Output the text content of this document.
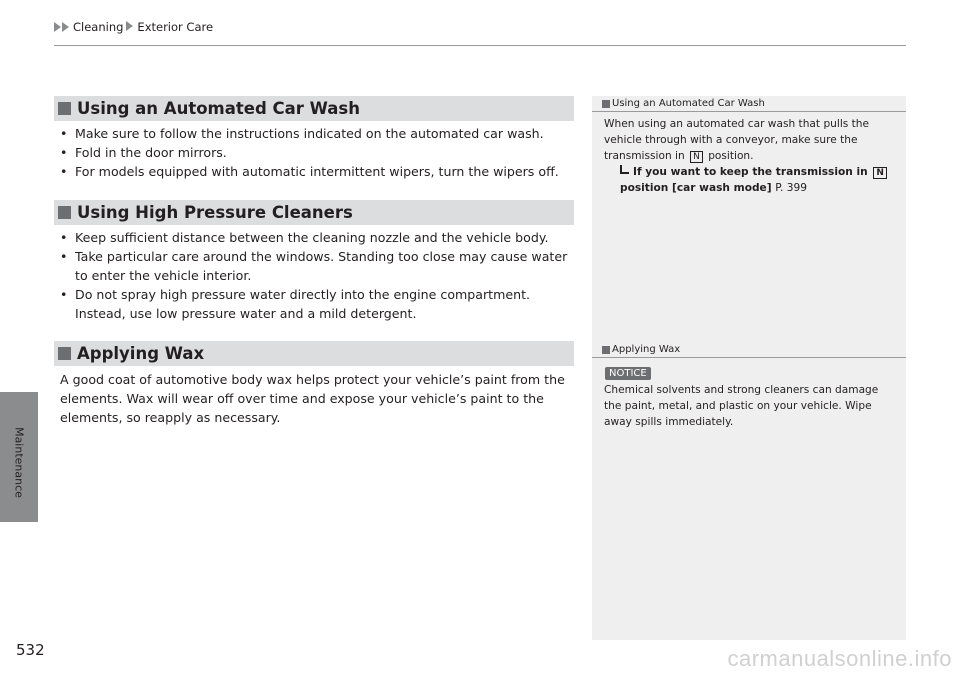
Cleaning Exterior Care
Maintenance
532
Using an Automated Car Wash
• Make sure to follow the instructions indicated on the automated car wash.
• Fold in the door mirrors.
• For models equipped with automatic intermittent wipers, turn the wipers off.
Using High Pressure Cleaners
• Keep sufficient distance between the cleaning nozzle and the vehicle body.
• Take particular care around the windows. Standing too close may cause water to enter the vehicle interior.
• Do not spray high pressure water directly into the engine compartment. Instead, use low pressure water and a mild detergent.
Applying Wax

A good coat of automotive body wax helps protect your vehicle’s paint from the elements. Wax will wear off over time and expose your vehicle’s paint to the elements, so reapply as necessary.

Using an Automated Car Wash
When using an automated car wash that pulls the vehicle through with a conveyor, make sure the transmission in N position.
If you want to keep the transmission in N position [car wash mode] P. 399
Applying Wax
NOTICE
Chemical solvents and strong cleaners can damage the paint, metal, and plastic on your vehicle. Wipe away spills immediately.
carmanualsonline.info
